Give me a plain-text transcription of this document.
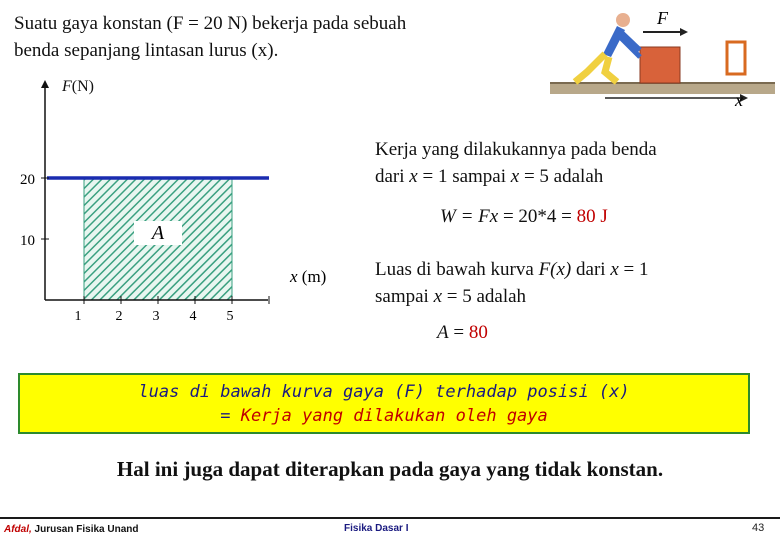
Suatu gaya konstan (F = 20 N) bekerja pada sebuah
benda sepanjang lintasan lurus (x).
F
x
F(N)
10
20
1 2 3 4 5
x (m)
A
Kerja yang dilakukannya pada benda
dari x = 1 sampai x = 5 adalah
W = Fx = 20*4 = 80 J
Luas di bawah kurva F(x) dari x = 1
sampai x = 5 adalah
A = 80
luas di bawah kurva gaya (F) terhadap posisi (x)
= Kerja yang dilakukan oleh gaya
Hal ini juga dapat diterapkan pada gaya yang tidak konstan.
Afdal, Jurusan Fisika Unand	Fisika Dasar I	43
